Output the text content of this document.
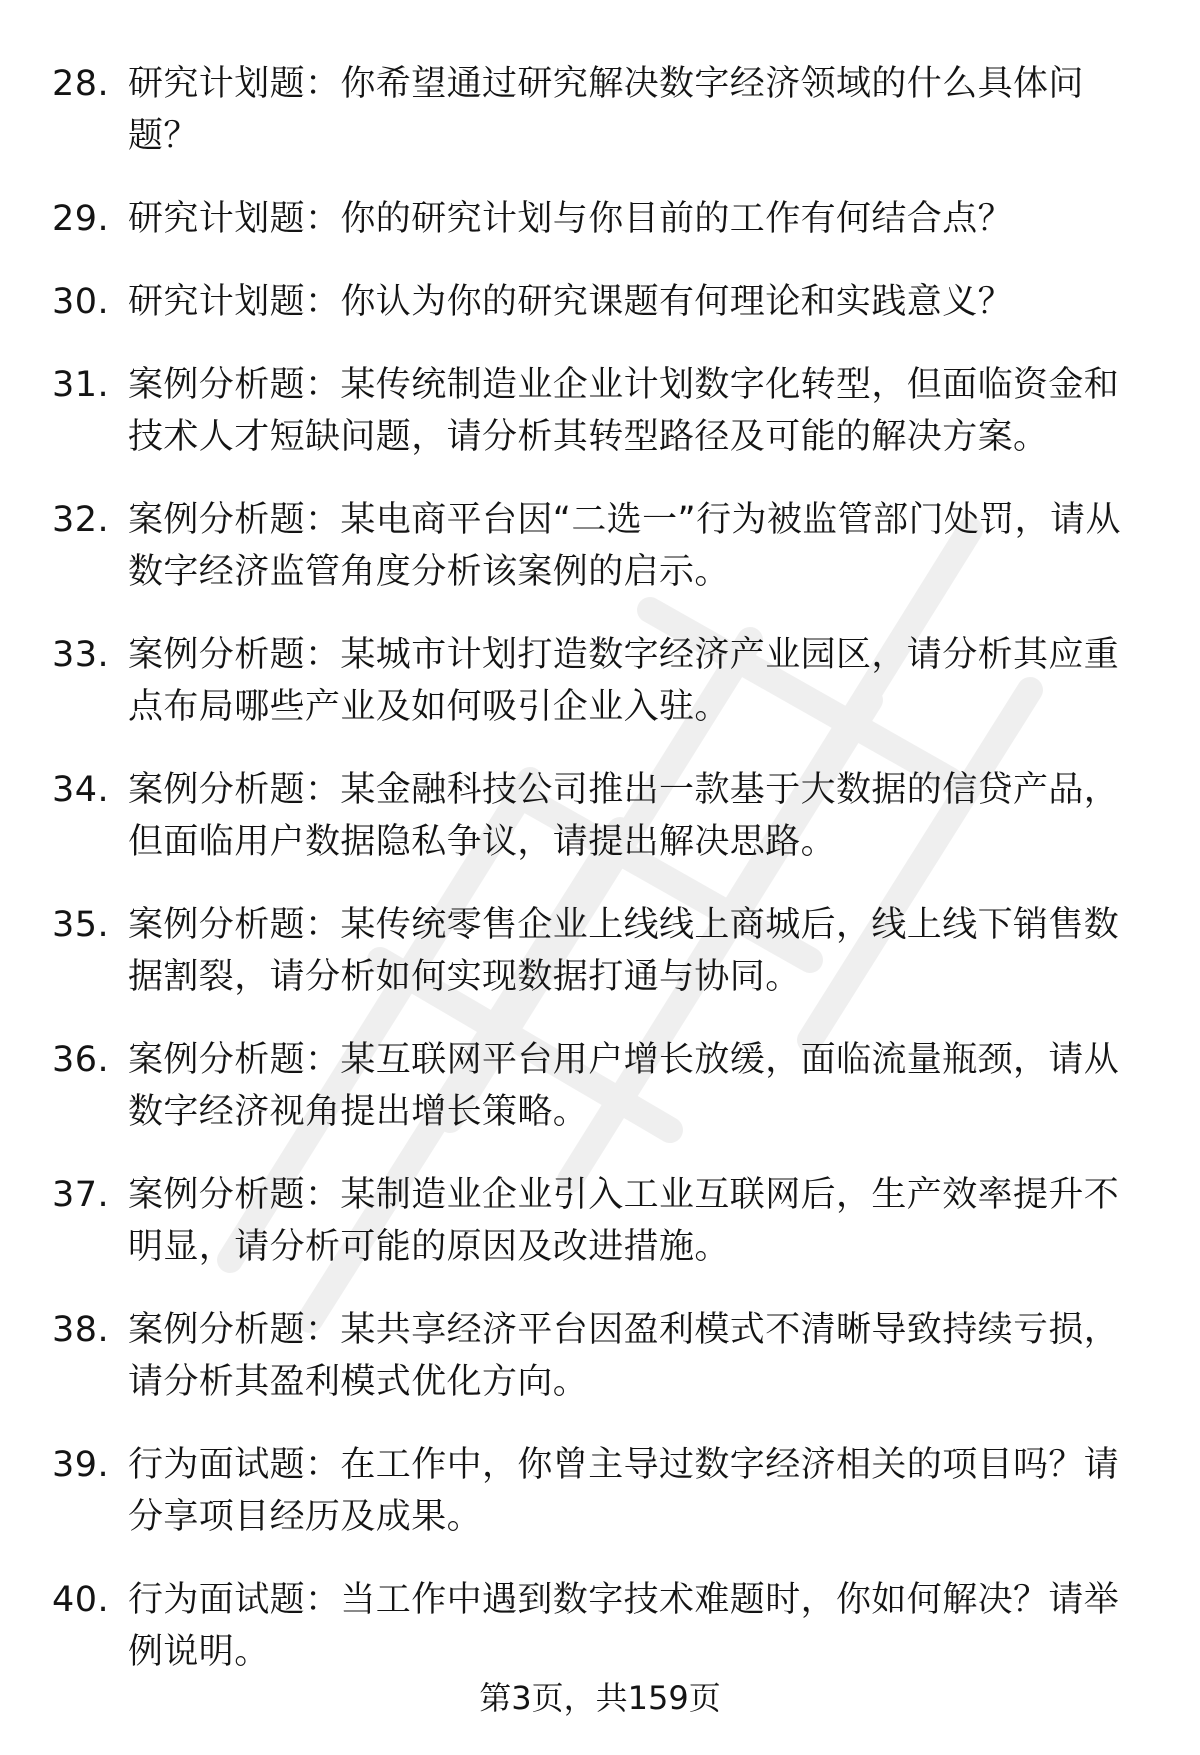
28. 研究计划题：你希望通过研究解决数字经济领域的什么具体问题？
29. 研究计划题：你的研究计划与你目前的工作有何结合点？
30. 研究计划题：你认为你的研究课题有何理论和实践意义？
31. 案例分析题：某传统制造业企业计划数字化转型，但面临资金和技术人才短缺问题，请分析其转型路径及可能的解决方案。
32. 案例分析题：某电商平台因“二选一”行为被监管部门处罚，请从数字经济监管角度分析该案例的启示。
33. 案例分析题：某城市计划打造数字经济产业园区，请分析其应重点布局哪些产业及如何吸引企业入驻。
34. 案例分析题：某金融科技公司推出一款基于大数据的信贷产品，但面临用户数据隐私争议，请提出解决思路。
35. 案例分析题：某传统零售企业上线线上商城后，线上线下销售数据割裂，请分析如何实现数据打通与协同。
36. 案例分析题：某互联网平台用户增长放缓，面临流量瓶颈，请从数字经济视角提出增长策略。
37. 案例分析题：某制造业企业引入工业互联网后，生产效率提升不明显，请分析可能的原因及改进措施。
38. 案例分析题：某共享经济平台因盈利模式不清晰导致持续亏损，请分析其盈利模式优化方向。
39. 行为面试题：在工作中，你曾主导过数字经济相关的项目吗？请分享项目经历及成果。
40. 行为面试题：当工作中遇到数字技术难题时，你如何解决？请举例说明。
第3页，共159页
